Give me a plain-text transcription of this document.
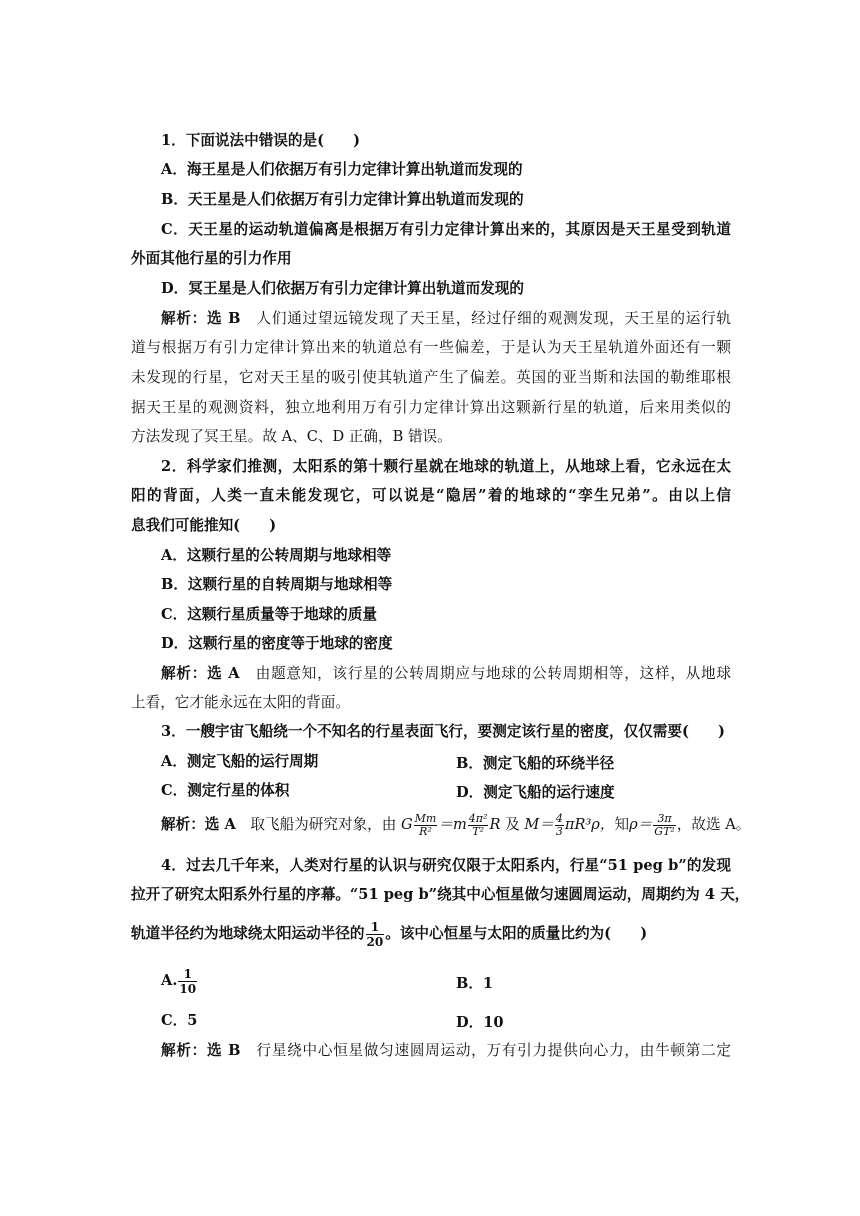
1．下面说法中错误的是(　　)
A．海王星是人们依据万有引力定律计算出轨道而发现的
B．天王星是人们依据万有引力定律计算出轨道而发现的
C．天王星的运动轨道偏离是根据万有引力定律计算出来的，其原因是天王星受到轨道
外面其他行星的引力作用
D．冥王星是人们依据万有引力定律计算出轨道而发现的
解析：选 B　 人们通过望远镜发现了天王星，经过仔细的观测发现，天王星的运行轨
道与根据万有引力定律计算出来的轨道总有一些偏差，于是认为天王星轨道外面还有一颗
未发现的行星，它对天王星的吸引使其轨道产生了偏差。英国的亚当斯和法国的勒维耶根
据天王星的观测资料，独立地利用万有引力定律计算出这颗新行星的轨道，后来用类似的
方法发现了冥王星。故 A、C、D 正确，B 错误。
2．科学家们推测，太阳系的第十颗行星就在地球的轨道上，从地球上看，它永远在太
阳的背面，人类一直未能发现它，可以说是“隐居”着的地球的“孪生兄弟”。由以上信
息我们可能推知(　　)
A．这颗行星的公转周期与地球相等
B．这颗行星的自转周期与地球相等
C．这颗行星质量等于地球的质量
D．这颗行星的密度等于地球的密度
解析：选 A　 由题意知，该行星的公转周期应与地球的公转周期相等，这样，从地球
上看，它才能永远在太阳的背面。
3．一艘宇宙飞船绕一个不知名的行星表面飞行，要测定该行星的密度，仅仅需要(　　)
A．测定飞船的运行周期	B．测定飞船的环绕半径
C．测定行星的体积	D．测定飞船的运行速度
解析：选 A　 取飞船为研究对象，由 G $\frac{Mm}{\text{R²}} =m \frac{\text{4π²}}{\text{T²}}$ R 及 $M= \frac{4}{3} \pi R^3\rho$，知$\rho= \frac{3\pi}{\text{GT²}}$ ，故选 A。
4．过去几千年来，人类对行星的认识与研究仅限于太阳系内，行星“51 peg b”的发现
拉开了研究太阳系外行星的序幕。“51 peg b”绕其中心恒星做匀速圆周运动，周期约为 4 天，
轨道半径约为地球绕太阳运动半径的 $\frac{1}{20}$ 。该中心恒星与太阳的质量比约为(　　)
A. $\frac{1}{10}$	B．1
C．5	D．10
解析：选 B　 行星绕中心恒星做匀速圆周运动，万有引力提供向心力，由牛顿第二定
